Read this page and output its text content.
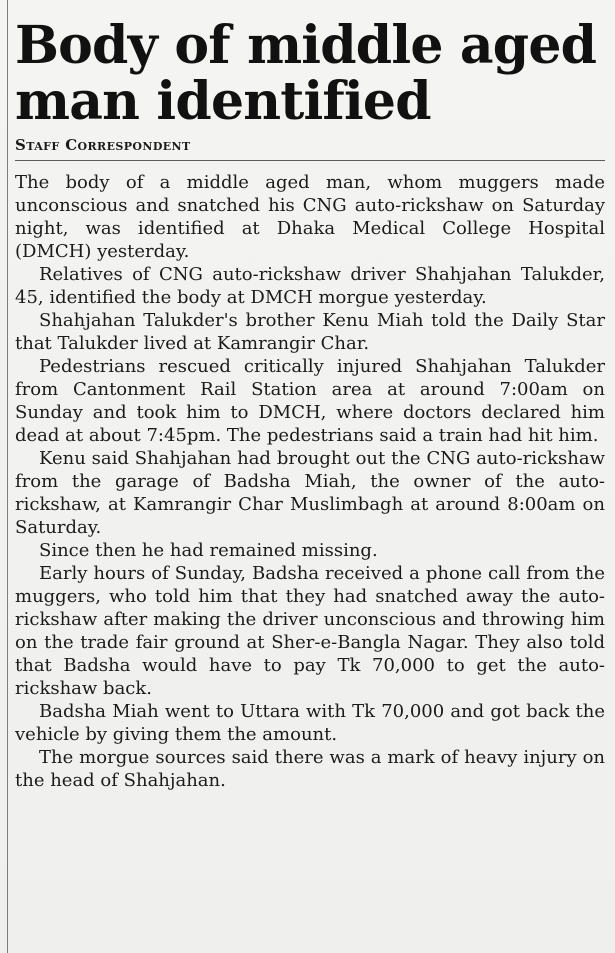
Body of middle aged man identified
Staff Correspondent

The body of a middle aged man, whom muggers made unconscious and snatched his CNG auto-rickshaw on Saturday night, was identified at Dhaka Medical College Hospital (DMCH) yesterday.

Relatives of CNG auto-rickshaw driver Shahjahan Talukder, 45, identified the body at DMCH morgue yesterday.

Shahjahan Talukder's brother Kenu Miah told the Daily Star that Talukder lived at Kamrangir Char.

Pedestrians rescued critically injured Shahjahan Talukder from Cantonment Rail Station area at around 7:00am on Sunday and took him to DMCH, where doctors declared him dead at about 7:45pm. The pedestrians said a train had hit him.

Kenu said Shahjahan had brought out the CNG auto-rickshaw from the garage of Badsha Miah, the owner of the auto-rickshaw, at Kamrangir Char Muslimbagh at around 8:00am on Saturday.

Since then he had remained missing.

Early hours of Sunday, Badsha received a phone call from the muggers, who told him that they had snatched away the auto-rickshaw after making the driver unconscious and throwing him on the trade fair ground at Sher-e-Bangla Nagar. They also told that Badsha would have to pay Tk 70,000 to get the auto-rickshaw back.

Badsha Miah went to Uttara with Tk 70,000 and got back the vehicle by giving them the amount.

The morgue sources said there was a mark of heavy injury on the head of Shahjahan.
